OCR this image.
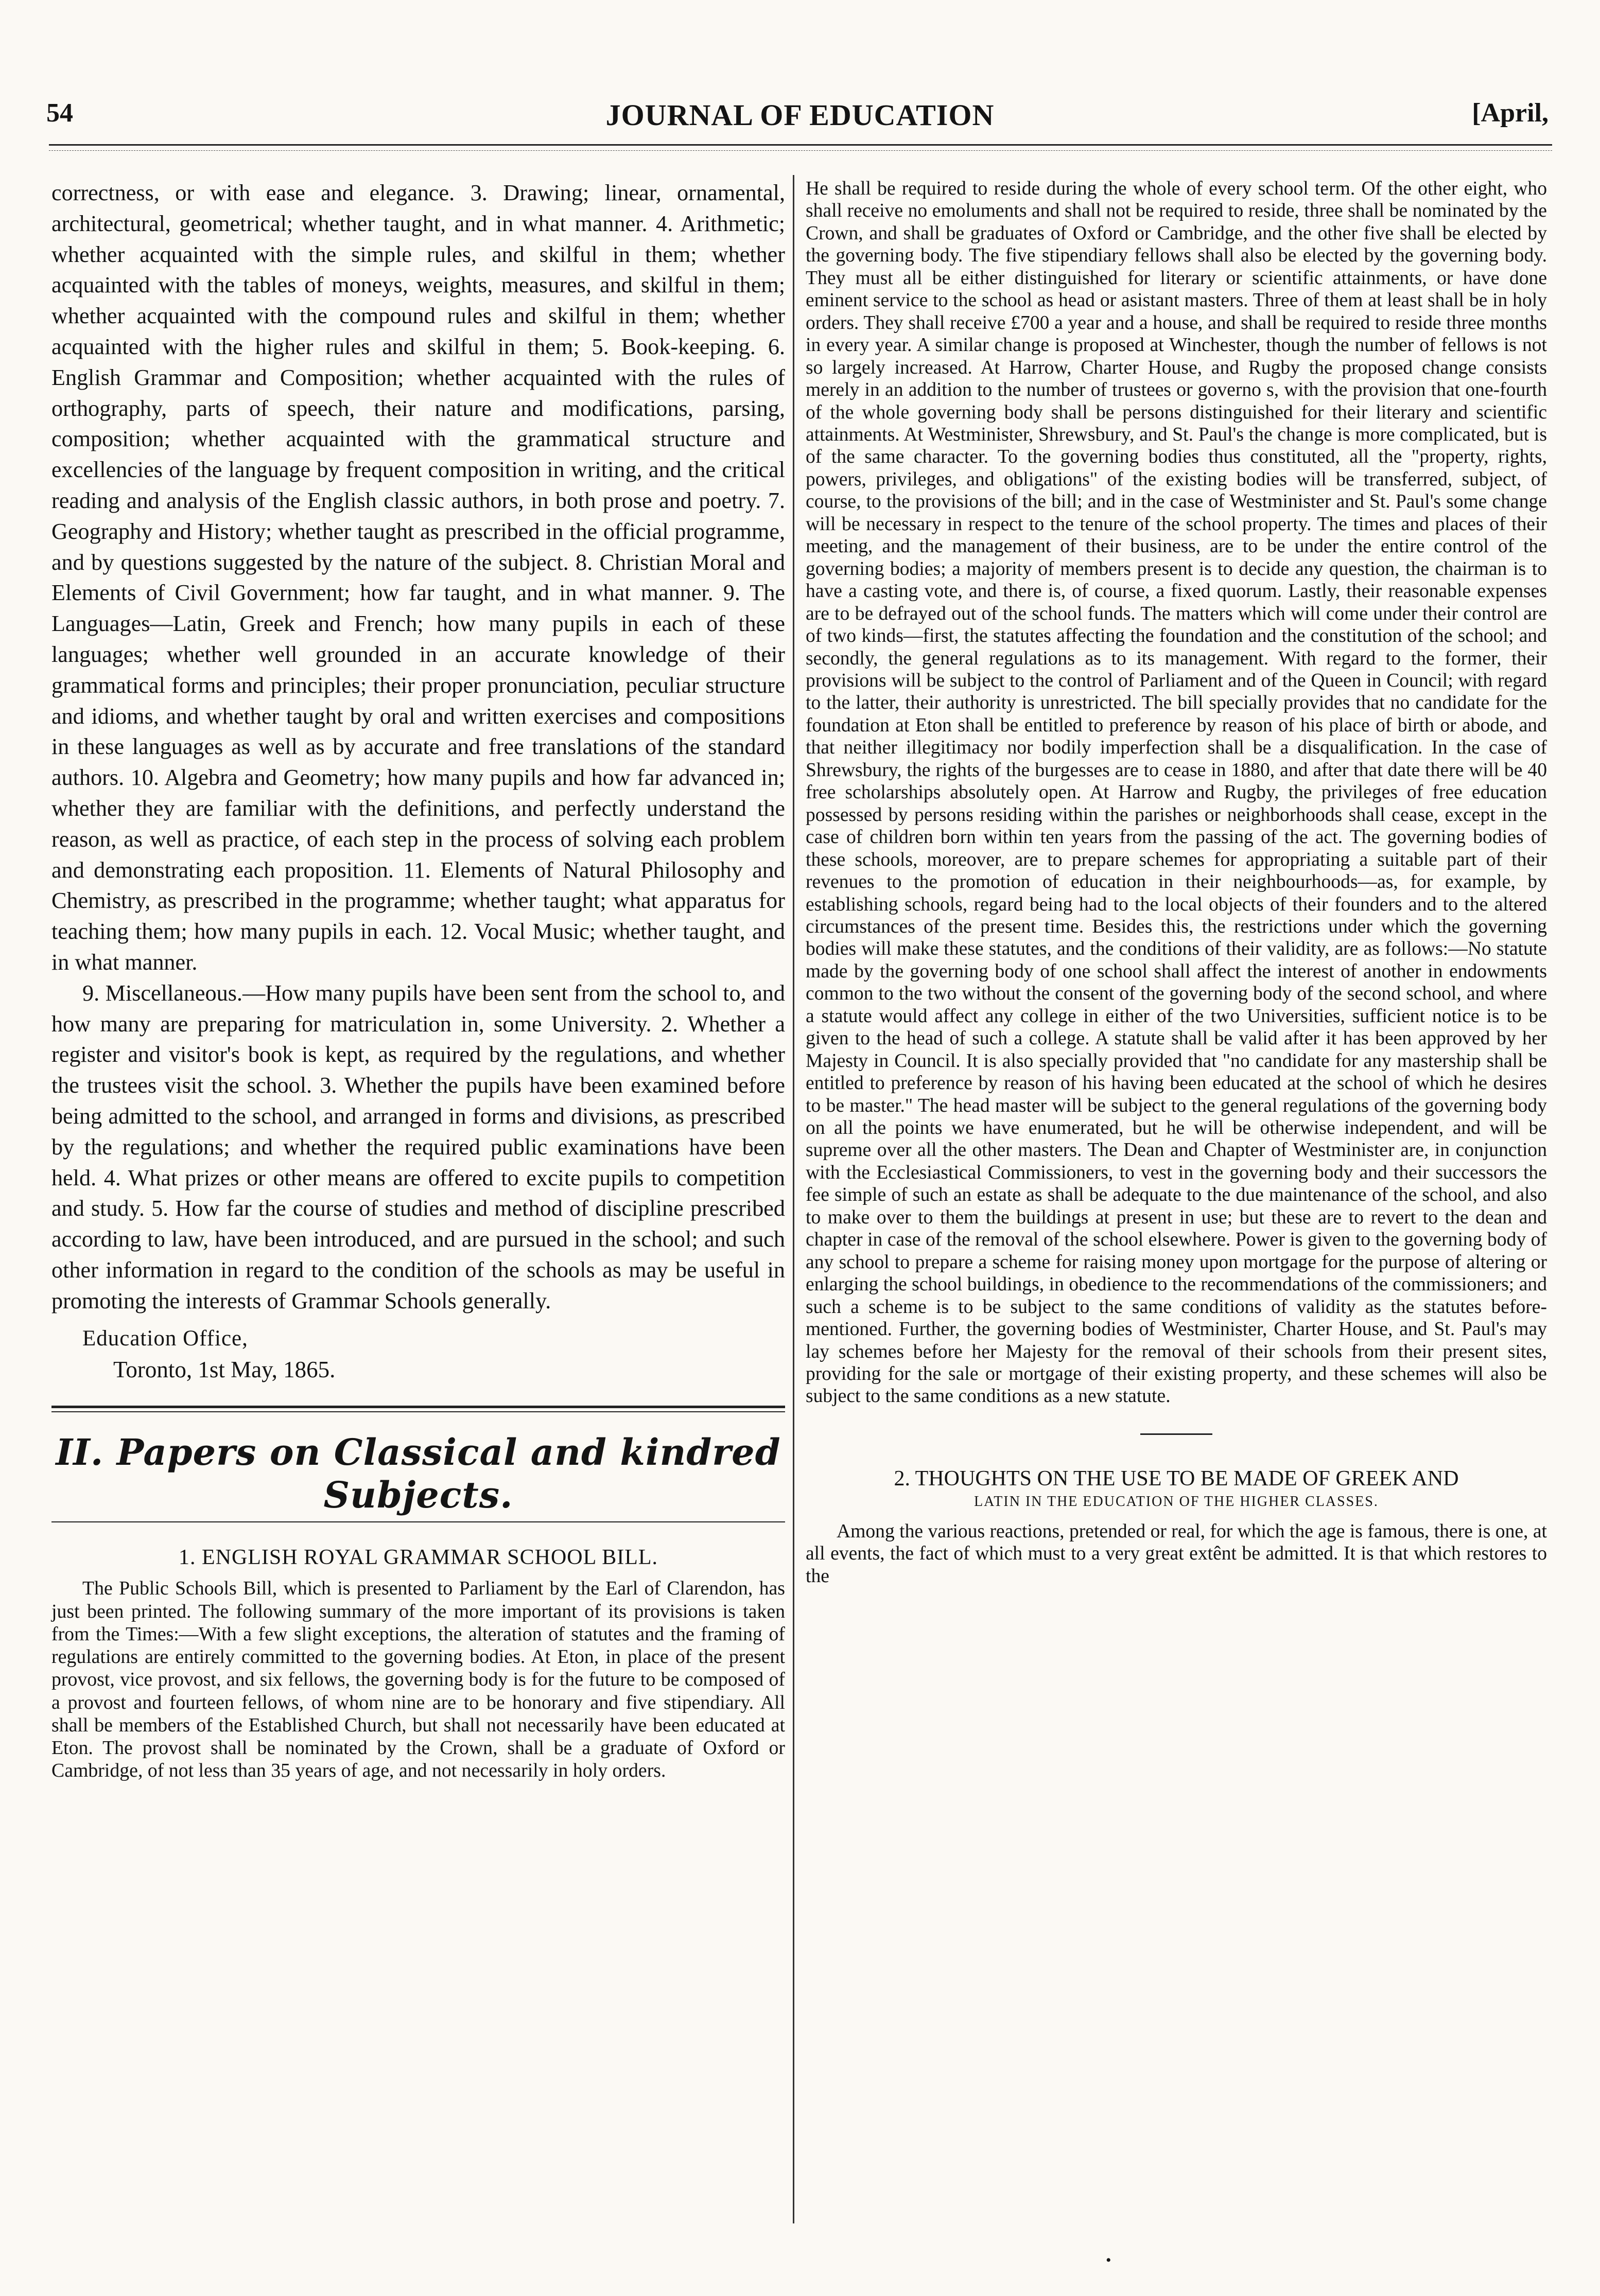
54	JOURNAL OF EDUCATION	[April,

correctness, or with ease and elegance. 3. Drawing; linear, ornamental, architectural, geometrical; whether taught, and in what manner. 4. Arithmetic; whether acquainted with the simple rules, and skilful in them; whether acquainted with the tables of moneys, weights, measures, and skilful in them; whether acquainted with the compound rules and skilful in them; whether acquainted with the higher rules and skilful in them; 5. Book-keeping. 6. English Grammar and Composition; whether acquainted with the rules of orthography, parts of speech, their nature and modifications, parsing, composition; whether acquainted with the grammatical structure and excellencies of the language by frequent composition in writing, and the critical reading and analysis of the English classic authors, in both prose and poetry. 7. Geography and History; whether taught as prescribed in the official programme, and by questions suggested by the nature of the subject. 8. Christian Moral and Elements of Civil Government; how far taught, and in what manner. 9. The Languages—Latin, Greek and French; how many pupils in each of these languages; whether well grounded in an accurate knowledge of their grammatical forms and principles; their proper pronunciation, peculiar structure and idioms, and whether taught by oral and written exercises and compositions in these languages as well as by accurate and free translations of the standard authors. 10. Algebra and Geometry; how many pupils and how far advanced in; whether they are familiar with the definitions, and perfectly understand the reason, as well as practice, of each step in the process of solving each problem and demonstrating each proposition. 11. Elements of Natural Philosophy and Chemistry, as prescribed in the programme; whether taught; what apparatus for teaching them; how many pupils in each. 12. Vocal Music; whether taught, and in what manner.

9. Miscellaneous.—How many pupils have been sent from the school to, and how many are preparing for matriculation in, some University. 2. Whether a register and visitor's book is kept, as required by the regulations, and whether the trustees visit the school. 3. Whether the pupils have been examined before being admitted to the school, and arranged in forms and divisions, as prescribed by the regulations; and whether the required public examinations have been held. 4. What prizes or other means are offered to excite pupils to competition and study. 5. How far the course of studies and method of discipline prescribed according to law, have been introduced, and are pursued in the school; and such other information in regard to the condition of the schools as may be useful in promoting the interests of Grammar Schools generally.

Education Office,
Toronto, 1st May, 1865.
II. Papers on Classical and kindred Subjects.
1. ENGLISH ROYAL GRAMMAR SCHOOL BILL.

The Public Schools Bill, which is presented to Parliament by the Earl of Clarendon, has just been printed. The following summary of the more important of its provisions is taken from the Times:—With a few slight exceptions, the alteration of statutes and the framing of regulations are entirely committed to the governing bodies. At Eton, in place of the present provost, vice provost, and six fellows, the governing body is for the future to be composed of a provost and fourteen fellows, of whom nine are to be honorary and five stipendiary. All shall be members of the Established Church, but shall not necessarily have been educated at Eton. The provost shall be nominated by the Crown, shall be a graduate of Oxford or Cambridge, of not less than 35 years of age, and not necessarily in holy orders.

He shall be required to reside during the whole of every school term. Of the other eight, who shall receive no emoluments and shall not be required to reside, three shall be nominated by the Crown, and shall be graduates of Oxford or Cambridge, and the other five shall be elected by the governing body. The five stipendiary fellows shall also be elected by the governing body. They must all be either distinguished for literary or scientific attainments, or have done eminent service to the school as head or asistant masters. Three of them at least shall be in holy orders. They shall receive £700 a year and a house, and shall be required to reside three months in every year. A similar change is proposed at Winchester, though the number of fellows is not so largely increased. At Harrow, Charter House, and Rugby the proposed change consists merely in an addition to the number of trustees or governo s, with the provision that one-fourth of the whole governing body shall be persons distinguished for their literary and scientific attainments. At Westminister, Shrewsbury, and St. Paul's the change is more complicated, but is of the same character. To the governing bodies thus constituted, all the "property, rights, powers, privileges, and obligations" of the existing bodies will be transferred, subject, of course, to the provisions of the bill; and in the case of Westminister and St. Paul's some change will be necessary in respect to the tenure of the school property. The times and places of their meeting, and the management of their business, are to be under the entire control of the governing bodies; a majority of members present is to decide any question, the chairman is to have a casting vote, and there is, of course, a fixed quorum. Lastly, their reasonable expenses are to be defrayed out of the school funds. The matters which will come under their control are of two kinds—first, the statutes affecting the foundation and the constitution of the school; and secondly, the general regulations as to its management. With regard to the former, their provisions will be subject to the control of Parliament and of the Queen in Council; with regard to the latter, their authority is unrestricted. The bill specially provides that no candidate for the foundation at Eton shall be entitled to preference by reason of his place of birth or abode, and that neither illegitimacy nor bodily imperfection shall be a disqualification. In the case of Shrewsbury, the rights of the burgesses are to cease in 1880, and after that date there will be 40 free scholarships absolutely open. At Harrow and Rugby, the privileges of free education possessed by persons residing within the parishes or neighborhoods shall cease, except in the case of children born within ten years from the passing of the act. The governing bodies of these schools, moreover, are to prepare schemes for appropriating a suitable part of their revenues to the promotion of education in their neighbourhoods—as, for example, by establishing schools, regard being had to the local objects of their founders and to the altered circumstances of the present time. Besides this, the restrictions under which the governing bodies will make these statutes, and the conditions of their validity, are as follows:—No statute made by the governing body of one school shall affect the interest of another in endowments common to the two without the consent of the governing body of the second school, and where a statute would affect any college in either of the two Universities, sufficient notice is to be given to the head of such a college. A statute shall be valid after it has been approved by her Majesty in Council. It is also specially provided that "no candidate for any mastership shall be entitled to preference by reason of his having been educated at the school of which he desires to be master." The head master will be subject to the general regulations of the governing body on all the points we have enumerated, but he will be otherwise independent, and will be supreme over all the other masters. The Dean and Chapter of Westminister are, in conjunction with the Ecclesiastical Commissioners, to vest in the governing body and their successors the fee simple of such an estate as shall be adequate to the due maintenance of the school, and also to make over to them the buildings at present in use; but these are to revert to the dean and chapter in case of the removal of the school elsewhere. Power is given to the governing body of any school to prepare a scheme for raising money upon mortgage for the purpose of altering or enlarging the school buildings, in obedience to the recommendations of the commissioners; and such a scheme is to be subject to the same conditions of validity as the statutes before-mentioned. Further, the governing bodies of Westminister, Charter House, and St. Paul's may lay schemes before her Majesty for the removal of their schools from their present sites, providing for the sale or mortgage of their existing property, and these schemes will also be subject to the same conditions as a new statute.

2. THOUGHTS ON THE USE TO BE MADE OF GREEK AND
LATIN IN THE EDUCATION OF THE HIGHER CLASSES.

Among the various reactions, pretended or real, for which the age is famous, there is one, at all events, the fact of which must to a very great extênt be admitted. It is that which restores to the

•
